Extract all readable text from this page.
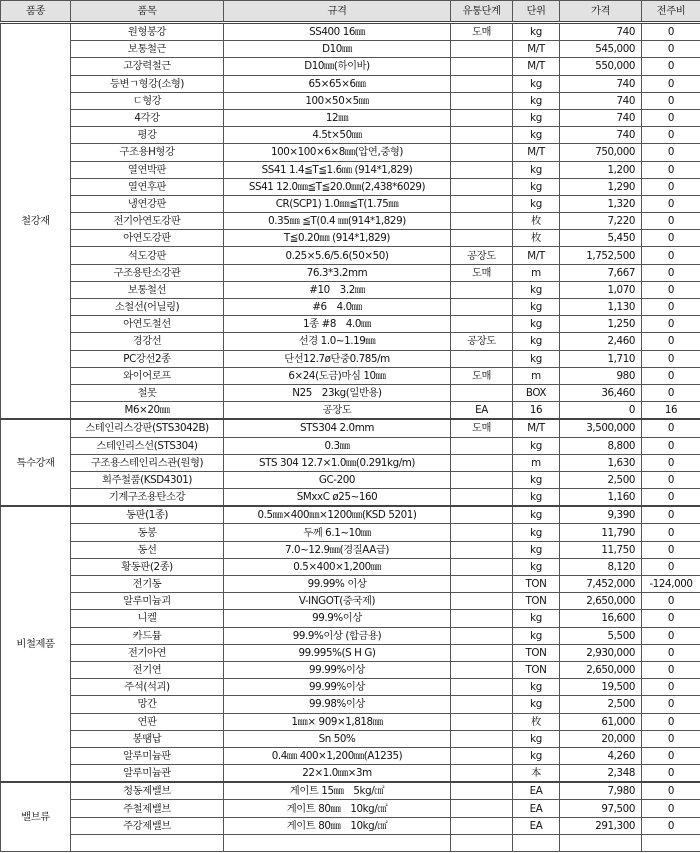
품종	품목	규격	유통단계	단위	가격	전주비
철강재	원형봉강	SS400 16㎜	도매	kg	740	0
	보통철근	D10㎜		M/T	545,000	0
	고장력철근	D10㎜(하이바)		M/T	550,000	0
	등변ㄱ형강(소형)	65×65×6㎜		kg	740	0
	ㄷ형강	100×50×5㎜		kg	740	0
	4각강	12㎜		kg	740	0
	평강	4.5t×50㎜		kg	740	0
	구조용H형강	100×100×6×8㎜(압연,중형)		M/T	750,000	0
	열연박판	SS41 1.4≦T≦1.6㎜ (914*1,829)		kg	1,200	0
	열연후판	SS41 12.0㎜≦T≦20.0㎜(2,438*6029)		kg	1,290	0
	냉연강판	CR(SCP1) 1.0㎜≦T(1.75㎜		kg	1,320	0
	전기아연도강판	0.35㎜ ≦T(0.4 ㎜(914*1,829)		枚	7,220	0
	아연도강판	T≦0.20㎜ (914*1,829)		枚	5,450	0
	석도강판	0.25×5.6/5.6(50×50)	공장도	M/T	1,752,500	0
	구조용탄소강관	76.3*3.2mm	도매	m	7,667	0
	보통철선	#10　3.2㎜		kg	1,070	0
	소철선(어닐링)	#6　4.0㎜		kg	1,130	0
	아연도철선	1종 #8　4.0㎜		kg	1,250	0
	경강선	선경 1.0~1.19㎜	공장도	kg	2,460	0
	PC강선2종	단선12.7ø단중0.785/m		kg	1,710	0
	와이어로프	6×24(도금)마심 10㎜	도매	m	980	0
	철못	N25　23kg(일반용)		BOX	36,460	0
	M6×20㎜	공장도	EA	16	0	16
특수강재	스테인리스강판(STS3042B)	STS304 2.0mm	도매	M/T	3,500,000	0
	스테인리스선(STS304)	0.3㎜		kg	8,800	0
	구조용스테인리스관(원형)	STS 304 12.7×1.0㎜(0.291kg/m)		m	1,630	0
	회주철품(KSD4301)	GC-200		kg	2,500	0
	기계구조용탄소강	SMxxC ø25~160		kg	1,160	0
비철제품	동판(1종)	0.5㎜×400㎜×1200㎜(KSD 5201)		kg	9,390	0
	동봉	두께 6.1~10㎜		kg	11,790	0
	동선	7.0~12.9㎜(경질AA급)		kg	11,750	0
	황동판(2종)	0.5×400×1,200㎜		kg	8,120	0
	전기동	99.99% 이상		TON	7,452,000	-124,000
	알루미늄괴	V-INGOT(중국제)		TON	2,650,000	0
	니켈	99.9%이상		kg	16,600	0
	카드뮴	99.9%이상 (합금용)		kg	5,500	0
	전기아연	99.995%(S H G)		TON	2,930,000	0
	전기연	99.99%이상		TON	2,650,000	0
	주석(석괴)	99.99%이상		kg	19,500	0
	망간	99.98%이상		kg	2,500	0
	연판	1㎜× 909×1,818㎜		枚	61,000	0
	봉땜납	Sn 50%		kg	20,000	0
	알루미늄판	0.4㎜ 400×1,200㎜(A1235)		kg	4,260	0
	알루미늄관	22×1.0㎜×3m		本	2,348	0
밸브류	청동제밸브	게이트 15㎜　5kg/㎠		EA	7,980	0
	주철제밸브	게이트 80㎜　10kg/㎠		EA	97,500	0
	주강제밸브	게이트 80㎜　10kg/㎠		EA	291,300	0
